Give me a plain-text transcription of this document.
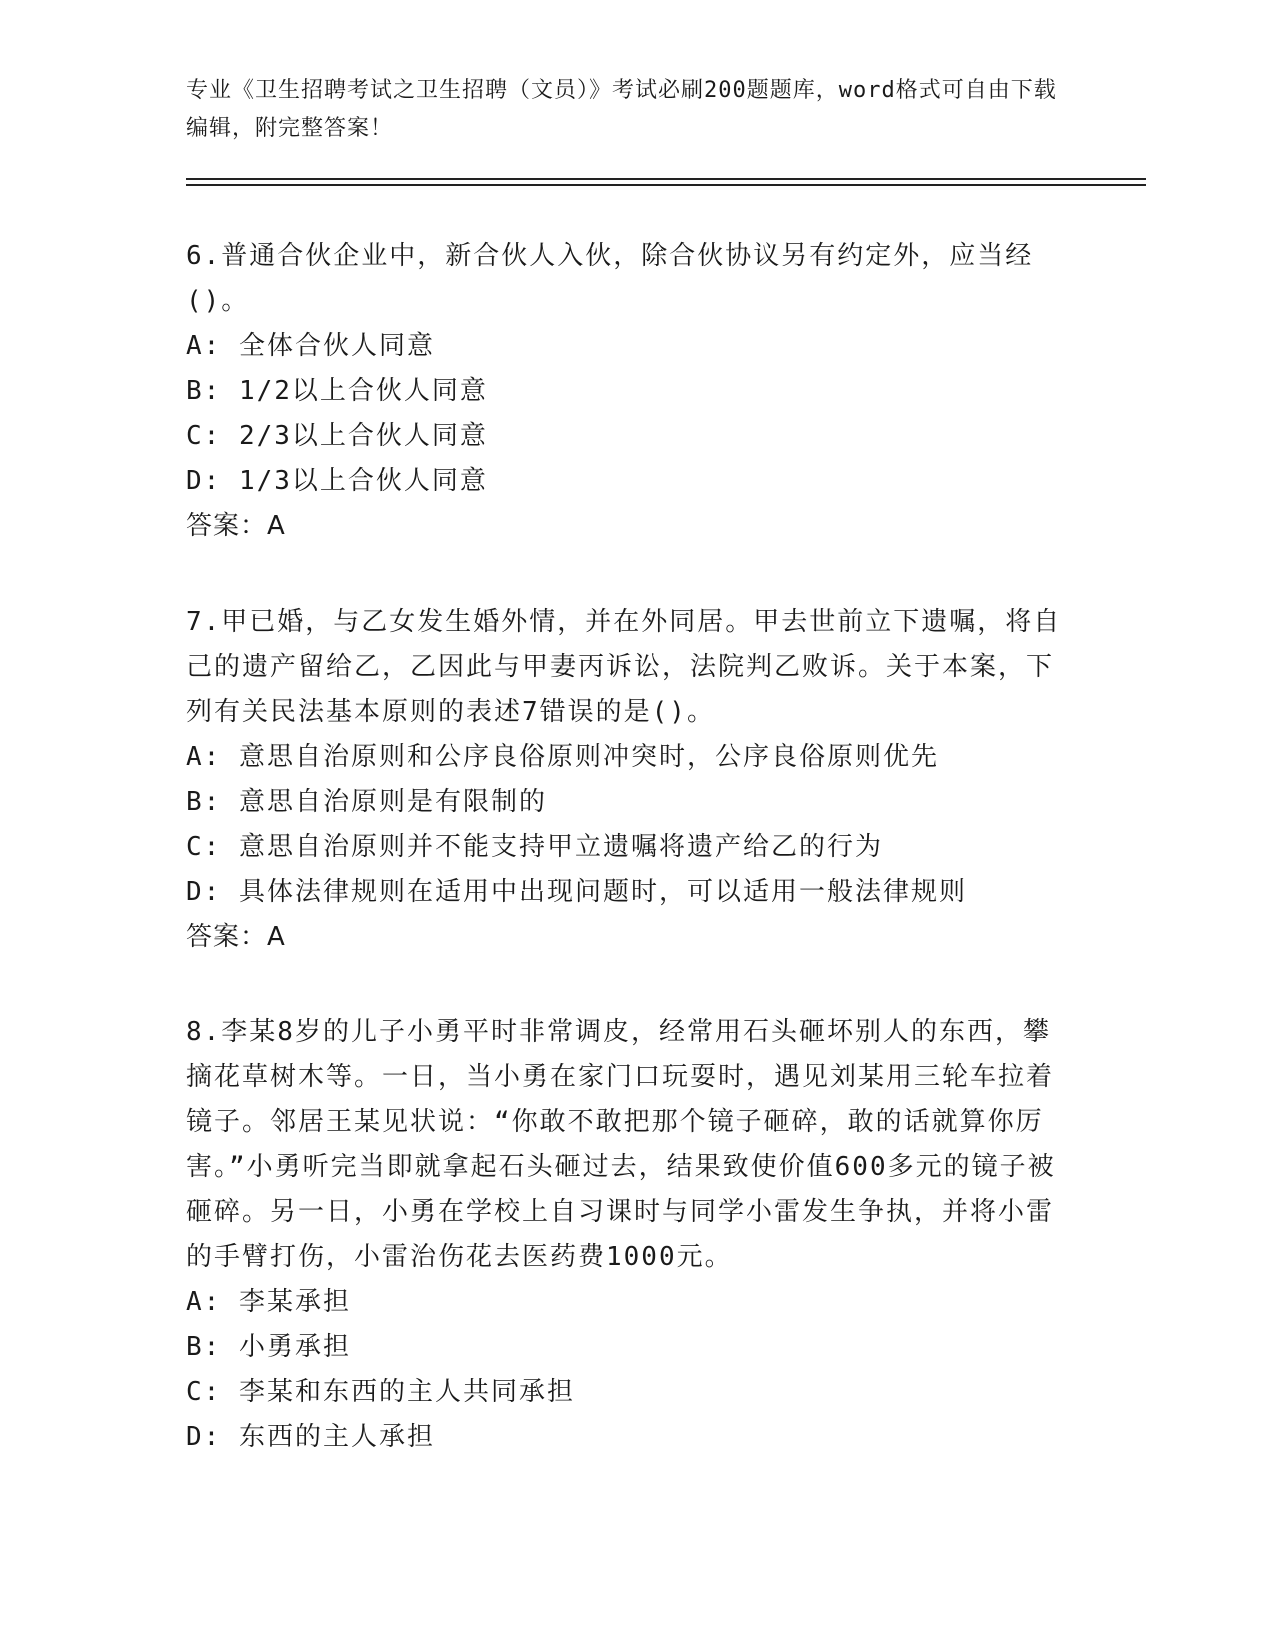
专业《卫生招聘考试之卫生招聘（文员）》考试必刷200题题库，word格式可自由下载编辑，附完整答案！

6.普通合伙企业中，新合伙人入伙，除合伙协议另有约定外，应当经()。

A: 全体合伙人同意

B: 1/2以上合伙人同意

C: 2/3以上合伙人同意

D: 1/3以上合伙人同意

答案：A

7.甲已婚，与乙女发生婚外情，并在外同居。甲去世前立下遗嘱，将自己的遗产留给乙，乙因此与甲妻丙诉讼，法院判乙败诉。关于本案，下列有关民法基本原则的表述7错误的是()。

A: 意思自治原则和公序良俗原则冲突时，公序良俗原则优先

B: 意思自治原则是有限制的

C: 意思自治原则并不能支持甲立遗嘱将遗产给乙的行为

D: 具体法律规则在适用中出现问题时，可以适用一般法律规则

答案：A

8.李某8岁的儿子小勇平时非常调皮，经常用石头砸坏别人的东西，攀摘花草树木等。一日，当小勇在家门口玩耍时，遇见刘某用三轮车拉着镜子。邻居王某见状说：“你敢不敢把那个镜子砸碎，敢的话就算你厉害。”小勇听完当即就拿起石头砸过去，结果致使价值600多元的镜子被砸碎。另一日，小勇在学校上自习课时与同学小雷发生争执，并将小雷的手臂打伤，小雷治伤花去医药费1000元。

A: 李某承担

B: 小勇承担

C: 李某和东西的主人共同承担

D: 东西的主人承担
